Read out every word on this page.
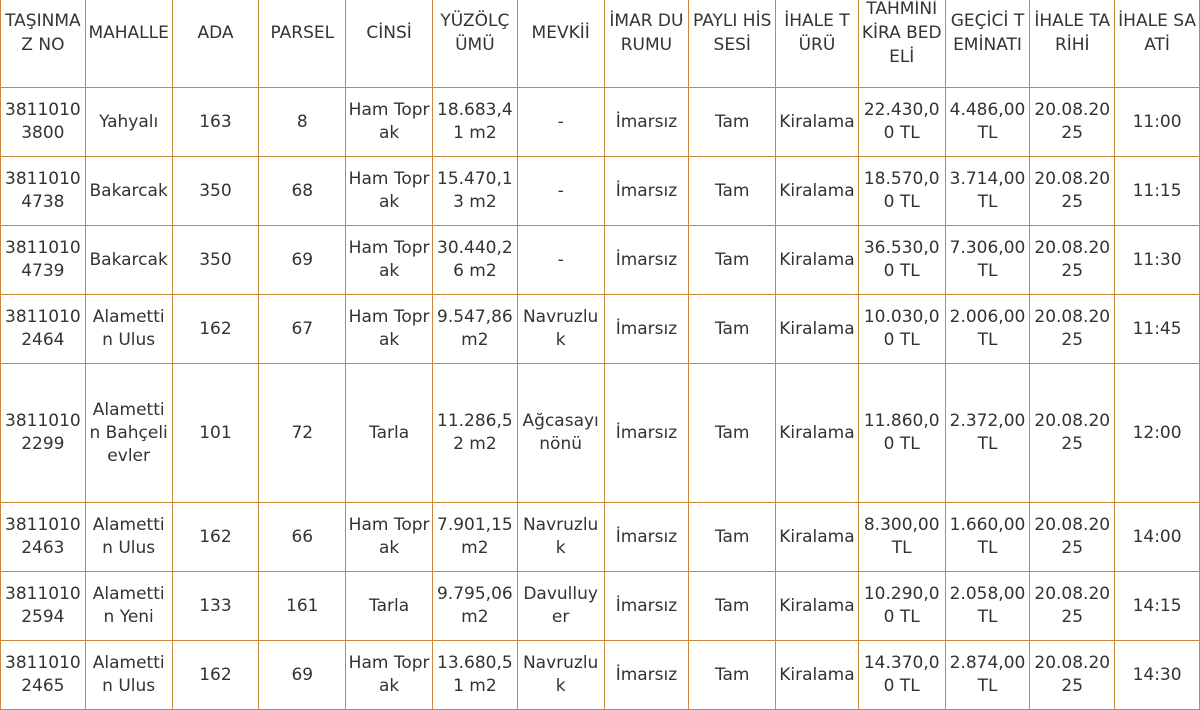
TAŞINMAZ NO	MAHALLE	ADA	PARSEL	CİNSİ	YÜZÖLÇÜMÜ	MEVKİİ	İMAR DURUMU	PAYLI HİSSESİ	İHALE TÜRÜ	TAHMİNİ KİRA BEDELİ	GEÇİCİ TEMİNATI	İHALE TARİHİ	İHALE SAATİ
38110103800	Yahyalı	163	8	Ham Toprak	18.683,41 m2	-	İmarsız	Tam	Kiralama	22.430,00 TL	4.486,00 TL	20.08.2025	11:00
38110104738	Bakarcak	350	68	Ham Toprak	15.470,13 m2	-	İmarsız	Tam	Kiralama	18.570,00 TL	3.714,00 TL	20.08.2025	11:15
38110104739	Bakarcak	350	69	Ham Toprak	30.440,26 m2	-	İmarsız	Tam	Kiralama	36.530,00 TL	7.306,00 TL	20.08.2025	11:30
38110102464	Alamettin Ulus	162	67	Ham Toprak	9.547,86 m2	Navruzluk	İmarsız	Tam	Kiralama	10.030,00 TL	2.006,00 TL	20.08.2025	11:45
38110102299	Alamettin Bahçelievler	101	72	Tarla	11.286,52 m2	Ağcasayınönü	İmarsız	Tam	Kiralama	11.860,00 TL	2.372,00 TL	20.08.2025	12:00
38110102463	Alamettin Ulus	162	66	Ham Toprak	7.901,15 m2	Navruzluk	İmarsız	Tam	Kiralama	8.300,00 TL	1.660,00 TL	20.08.2025	14:00
38110102594	Alamettin Yeni	133	161	Tarla	9.795,06 m2	Davulluyer	İmarsız	Tam	Kiralama	10.290,00 TL	2.058,00 TL	20.08.2025	14:15
38110102465	Alamettin Ulus	162	69	Ham Toprak	13.680,51 m2	Navruzluk	İmarsız	Tam	Kiralama	14.370,00 TL	2.874,00 TL	20.08.2025	14:30
